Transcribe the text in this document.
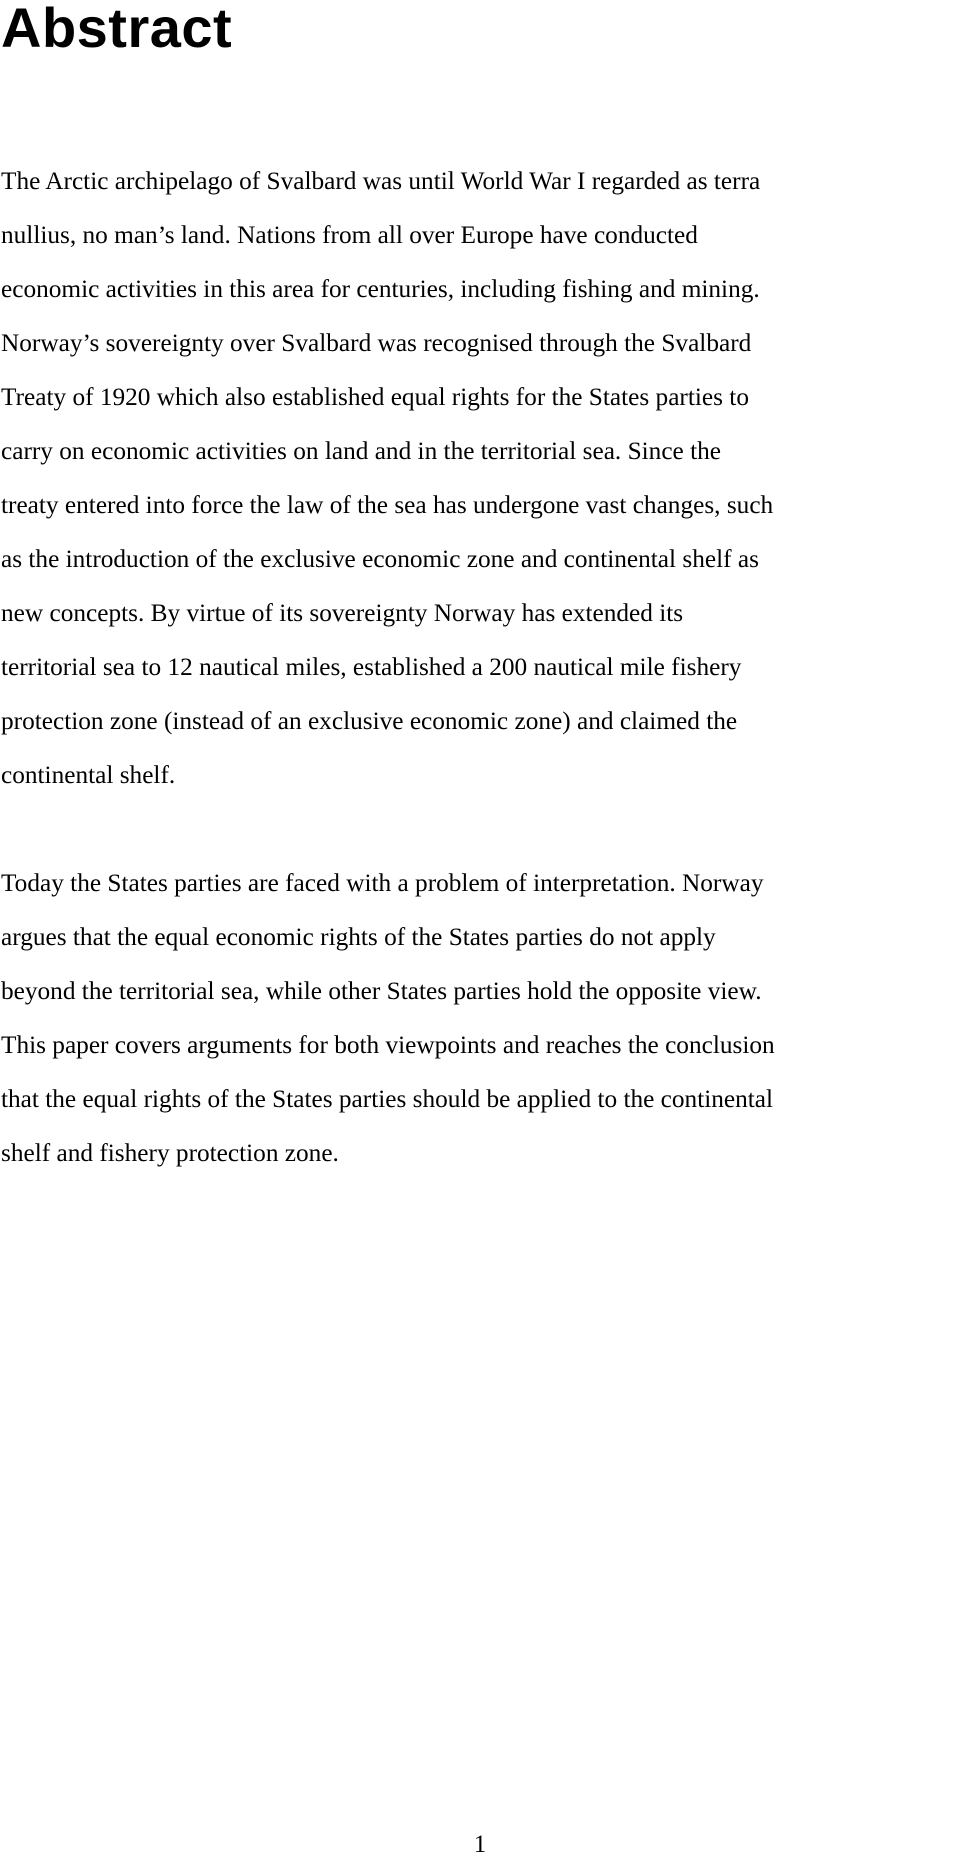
Abstract

The Arctic archipelago of Svalbard was until World War I regarded as terra
nullius, no man’s land. Nations from all over Europe have conducted
economic activities in this area for centuries, including fishing and mining.
Norway’s sovereignty over Svalbard was recognised through the Svalbard
Treaty of 1920 which also established equal rights for the States parties to
carry on economic activities on land and in the territorial sea. Since the
treaty entered into force the law of the sea has undergone vast changes, such
as the introduction of the exclusive economic zone and continental shelf as
new concepts. By virtue of its sovereignty Norway has extended its
territorial sea to 12 nautical miles, established a 200 nautical mile fishery
protection zone (instead of an exclusive economic zone) and claimed the
continental shelf.

Today the States parties are faced with a problem of interpretation. Norway
argues that the equal economic rights of the States parties do not apply
beyond the territorial sea, while other States parties hold the opposite view.
This paper covers arguments for both viewpoints and reaches the conclusion
that the equal rights of the States parties should be applied to the continental
shelf and fishery protection zone.

1
